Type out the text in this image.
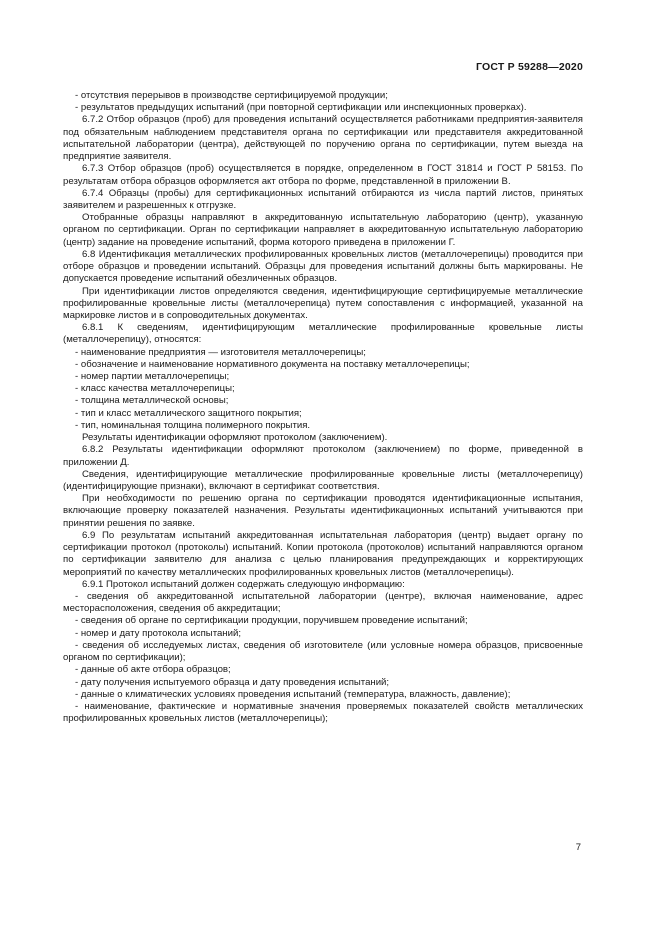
ГОСТ Р 59288—2020

- отсутствия перерывов в производстве сертифицируемой продукции;

- результатов предыдущих испытаний (при повторной сертификации или инспекционных проверках).

6.7.2 Отбор образцов (проб) для проведения испытаний осуществляется работниками предприятия-заявителя под обязательным наблюдением представителя органа по сертификации или представителя аккредитованной испытательной лаборатории (центра), действующей по поручению органа по сертификации, путем выезда на предприятие заявителя.

6.7.3 Отбор образцов (проб) осуществляется в порядке, определенном в ГОСТ 31814 и ГОСТ Р 58153. По результатам отбора образцов оформляется акт отбора по форме, представленной в приложении В.

6.7.4 Образцы (пробы) для сертификационных испытаний отбираются из числа партий листов, принятых заявителем и разрешенных к отгрузке.

Отобранные образцы направляют в аккредитованную испытательную лабораторию (центр), указанную органом по сертификации. Орган по сертификации направляет в аккредитованную испытательную лабораторию (центр) задание на проведение испытаний, форма которого приведена в приложении Г.

6.8 Идентификация металлических профилированных кровельных листов (металлочерепицы) проводится при отборе образцов и проведении испытаний. Образцы для проведения испытаний должны быть маркированы. Не допускается проведение испытаний обезличенных образцов.

При идентификации листов определяются сведения, идентифицирующие сертифицируемые металлические профилированные кровельные листы (металлочерепица) путем сопоставления с информацией, указанной на маркировке листов и в сопроводительных документах.

6.8.1 К сведениям, идентифицирующим металлические профилированные кровельные листы (металлочерепицу), относятся:

- наименование предприятия — изготовителя металлочерепицы;

- обозначение и наименование нормативного документа на поставку металлочерепицы;

- номер партии металлочерепицы;

- класс качества металлочерепицы;

- толщина металлической основы;

- тип и класс металлического защитного покрытия;

- тип, номинальная толщина полимерного покрытия.

Результаты идентификации оформляют протоколом (заключением).

6.8.2 Результаты идентификации оформляют протоколом (заключением) по форме, приведенной в приложении Д.

Сведения, идентифицирующие металлические профилированные кровельные листы (металлочерепицу) (идентифицирующие признаки), включают в сертификат соответствия.

При необходимости по решению органа по сертификации проводятся идентификационные испытания, включающие проверку показателей назначения. Результаты идентификационных испытаний учитываются при принятии решения по заявке.

6.9 По результатам испытаний аккредитованная испытательная лаборатория (центр) выдает органу по сертификации протокол (протоколы) испытаний. Копии протокола (протоколов) испытаний направляются органом по сертификации заявителю для анализа с целью планирования предупреждающих и корректирующих мероприятий по качеству металлических профилированных кровельных листов (металлочерепицы).

6.9.1 Протокол испытаний должен содержать следующую информацию:

- сведения об аккредитованной испытательной лаборатории (центре), включая наименование, адрес месторасположения, сведения об аккредитации;

- сведения об органе по сертификации продукции, поручившем проведение испытаний;

- номер и дату протокола испытаний;

- сведения об исследуемых листах, сведения об изготовителе (или условные номера образцов, присвоенные органом по сертификации);

- данные об акте отбора образцов;

- дату получения испытуемого образца и дату проведения испытаний;

- данные о климатических условиях проведения испытаний (температура, влажность, давление);

- наименование, фактические и нормативные значения проверяемых показателей свойств металлических профилированных кровельных листов (металлочерепицы);

7
